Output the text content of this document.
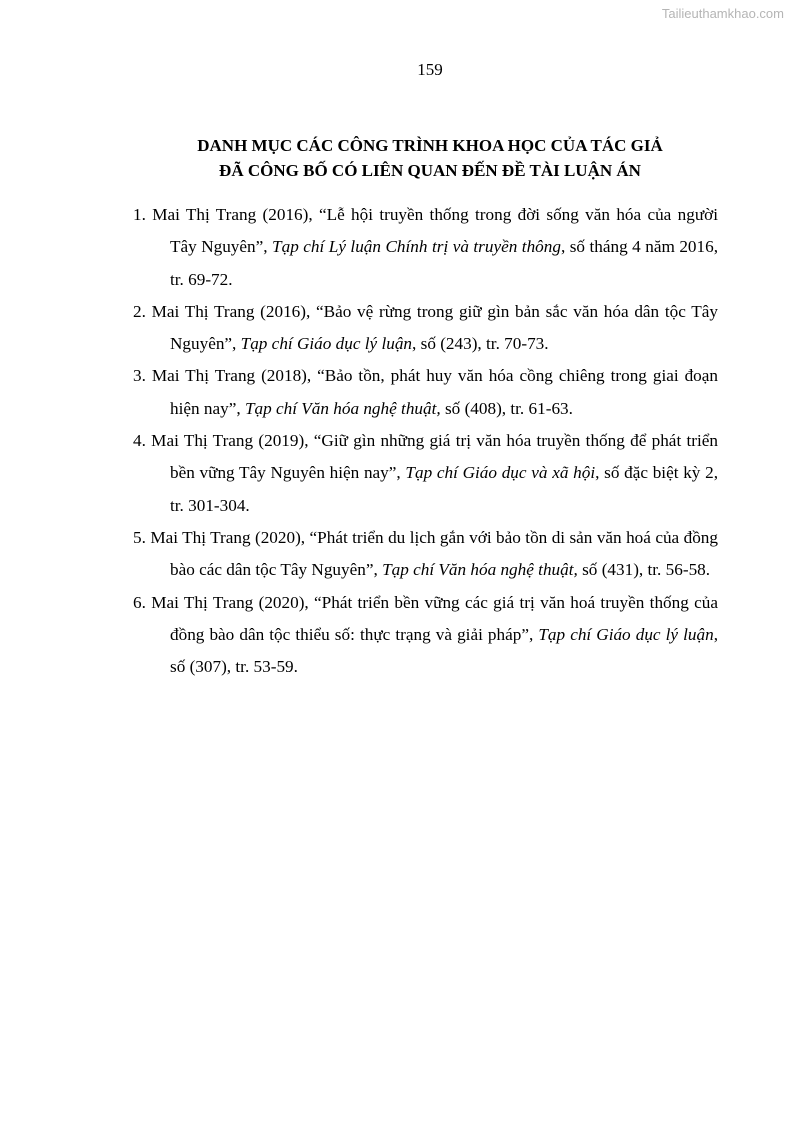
Tailieuthamkhao.com
159
DANH MỤC CÁC CÔNG TRÌNH KHOA HỌC CỦA TÁC GIẢ
ĐÃ CÔNG BỐ CÓ LIÊN QUAN ĐẾN ĐỀ TÀI LUẬN ÁN

1. Mai Thị Trang (2016), “Lễ hội truyền thống trong đời sống văn hóa của người Tây Nguyên”, Tạp chí Lý luận Chính trị và truyền thông, số tháng 4 năm 2016, tr. 69-72.

2. Mai Thị Trang (2016), “Bảo vệ rừng trong giữ gìn bản sắc văn hóa dân tộc Tây Nguyên”, Tạp chí Giáo dục lý luận, số (243), tr. 70-73.

3. Mai Thị Trang (2018), “Bảo tồn, phát huy văn hóa cồng chiêng trong giai đoạn hiện nay”, Tạp chí Văn hóa nghệ thuật, số (408), tr. 61-63.

4. Mai Thị Trang (2019), “Giữ gìn những giá trị văn hóa truyền thống để phát triển bền vững Tây Nguyên hiện nay”, Tạp chí Giáo dục và xã hội, số đặc biệt kỳ 2, tr. 301-304.

5. Mai Thị Trang (2020), “Phát triển du lịch gắn với bảo tồn di sản văn hoá của đồng bào các dân tộc Tây Nguyên”, Tạp chí Văn hóa nghệ thuật, số (431), tr. 56-58.

6. Mai Thị Trang (2020), “Phát triển bền vững các giá trị văn hoá truyền thống của đồng bào dân tộc thiểu số: thực trạng và giải pháp”, Tạp chí Giáo dục lý luận, số (307), tr. 53-59.
